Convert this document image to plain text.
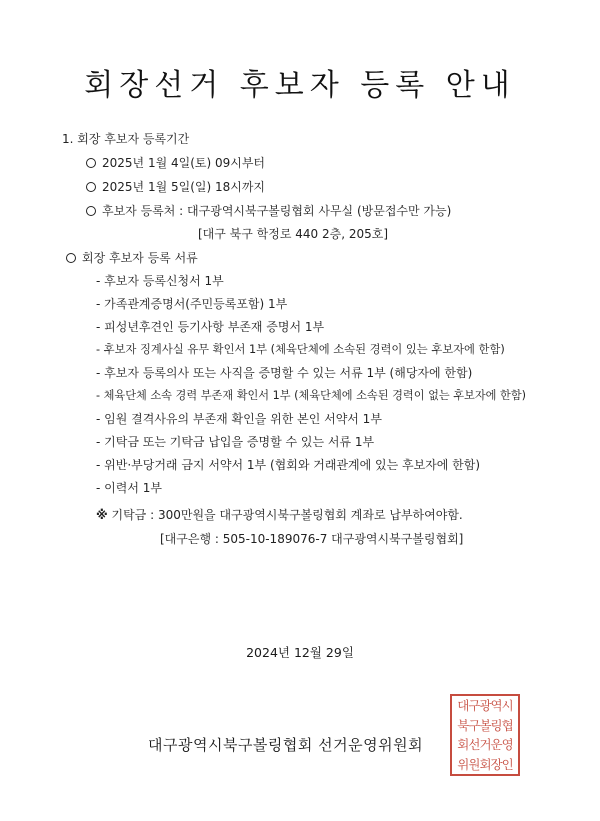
회장선거 후보자 등록 안내
1. 회장 후보자 등록기간
2025년 1월 4일(토) 09시부터
2025년 1월 5일(일) 18시까지
후보자 등록처 : 대구광역시북구볼링협회 사무실 (방문접수만 가능)
[대구 북구 학정로 440 2층, 205호]
회장 후보자 등록 서류
- 후보자 등록신청서 1부
- 가족관계증명서(주민등록포함) 1부
- 피성년후견인 등기사항 부존재 증명서 1부
- 후보자 징계사실 유무 확인서 1부 (체육단체에 소속된 경력이 있는 후보자에 한함)
- 후보자 등록의사 또는 사직을 증명할 수 있는 서류 1부 (해당자에 한함)
- 체육단체 소속 경력 부존재 확인서 1부 (체육단체에 소속된 경력이 없는 후보자에 한함)
- 임원 결격사유의 부존재 확인을 위한 본인 서약서 1부
- 기탁금 또는 기탁금 납입을 증명할 수 있는 서류 1부
- 위반·부당거래 금지 서약서 1부 (협회와 거래관계에 있는 후보자에 한함)
- 이력서 1부
※ 기탁금 : 300만원을 대구광역시북구볼링협회 계좌로 납부하여야함.
[대구은행 : 505-10-189076-7 대구광역시북구볼링협회]
2024년 12월 29일
대구광역시북구볼링협회 선거운영위원회
대구광역시
북구볼링협
회선거운영
위원회장인
